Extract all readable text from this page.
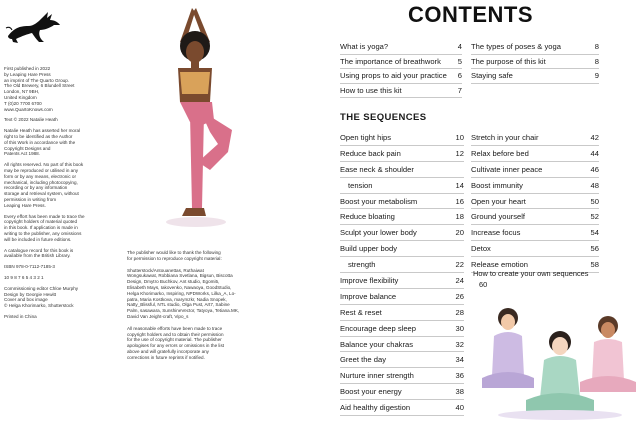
First published in 2022
by Leaping Hare Press
an imprint of The Quarto Group.
The Old Brewery, 6 Blundell Street
London, N7 9BH,
United Kingdom
T (0)20 7700 6700
www.QuartoKnows.com

Text © 2022 Natalie Heath

Natalie Heath has asserted her moral
right to be identified as the Author
of this Work in accordance with the
Copyright Designs and
Patents Act 1988.

All rights reserved. No part of this book
may be reproduced or utilised in any
form or by any means, electronic or
mechanical, including photocopying,
recording or by any information
storage and retrieval system, without
permission in writing from
Leaping Hare Press.

Every effort has been made to trace the
copyright holders of material quoted
in this book. If application is made in
writing to the publisher, any omissions
will be included in future editions.

A catalogue record for this book is
available from the British Library.

ISBN 978-0-7112-7185-3

10 9 8 7 6 5 4 3 2 1

Commissioning editor Chloe Murphy
Design by Georgie Hewitt
Cover and box image
© Helga Khorimarko, Shutterstock

Printed in China

The publisher would like to thank the following
for permission to reproduce copyright material:

Shutterstock/Antouanettas, Ruthaiwat
Wongsukawat, Robbiana Svetlana, Bigsun, Biscotta
Design, Dmytro Buchkov, Ant studio, Egomi5,
Elisabeth Mays, Iakovenko, Nawaoya, GoodStudio,
Helga Khorimarko, Inspiring, NPDWorks, Lilka_A, Lo-
patra, Maria Kostkova, marymzkr, Nadia Snopek,
Natty_Blissful, NTL studio, Olga Pust, Art7, Sabine
Palm, sasawara, SunshineVector, Tatyoya, Tetiana.MK,
David Van Jeight-craft, Vipo_s

All reasonable efforts have been made to trace
copyright holders and to obtain their permission
for the use of copyright material. The publisher
apologises for any errors or omissions in the list
above and will gratefully incorporate any
corrections in future reprints if notified.

CONTENTS
What is yoga?	4
The importance of breathwork	5
Using props to aid your practice	6
How to use this kit	7
The types of poses & yoga	8
The purpose of this kit	8
Staying safe	9
THE SEQUENCES
Open tight hips	10
Reduce back pain	12
Ease neck & shoulder
tension	14
Boost your metabolism	16
Reduce bloating	18
Sculpt your lower body	20
Build upper body
strength	22
Improve flexibility	24
Improve balance	26
Rest & reset	28
Encourage deep sleep	30
Balance your chakras	32
Greet the day	34
Nurture inner strength	36
Boost your energy	38
Aid healthy digestion	40
Stretch in your chair	42
Relax before bed	44
Cultivate inner peace	46
Boost immunity	48
Open your heart	50
Ground yourself	52
Increase focus	54
Detox	56
Release emotion	58
How to create your own sequences
60
